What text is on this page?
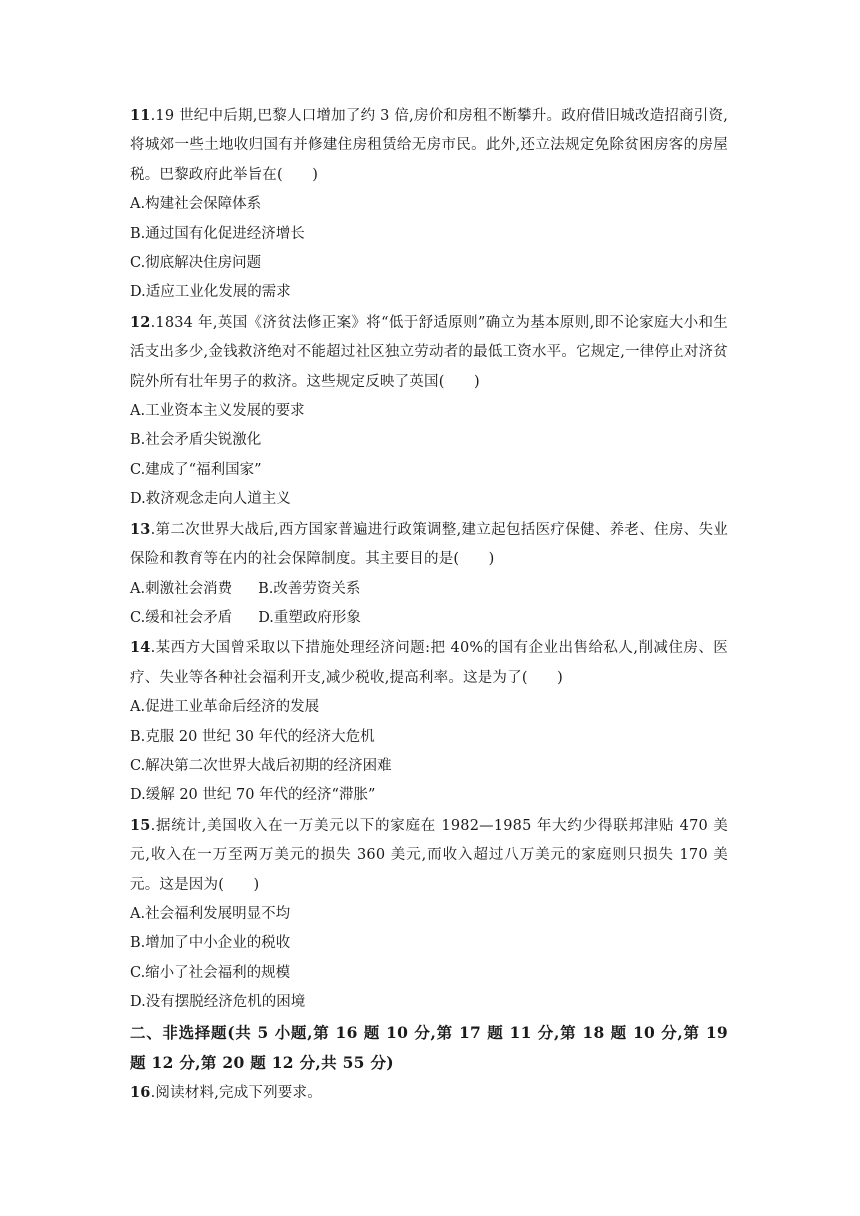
11.19 世纪中后期,巴黎人口增加了约 3 倍,房价和房租不断攀升。政府借旧城改造招商引资,将城郊一些土地收归国有并修建住房租赁给无房市民。此外,还立法规定免除贫困房客的房屋税。巴黎政府此举旨在(　　)

A.构建社会保障体系

B.通过国有化促进经济增长

C.彻底解决住房问题

D.适应工业化发展的需求

12.1834 年,英国《济贫法修正案》将“低于舒适原则”确立为基本原则,即不论家庭大小和生活支出多少,金钱救济绝对不能超过社区独立劳动者的最低工资水平。它规定,一律停止对济贫院外所有壮年男子的救济。这些规定反映了英国(　　)

A.工业资本主义发展的要求

B.社会矛盾尖锐激化

C.建成了“福利国家”

D.救济观念走向人道主义

13.第二次世界大战后,西方国家普遍进行政策调整,建立起包括医疗保健、养老、住房、失业保险和教育等在内的社会保障制度。其主要目的是(　　)

A.刺激社会消费 B.改善劳资关系

C.缓和社会矛盾 D.重塑政府形象

14.某西方大国曾采取以下措施处理经济问题:把 40%的国有企业出售给私人,削减住房、医疗、失业等各种社会福利开支,减少税收,提高利率。这是为了(　　)

A.促进工业革命后经济的发展

B.克服 20 世纪 30 年代的经济大危机

C.解决第二次世界大战后初期的经济困难

D.缓解 20 世纪 70 年代的经济“滞胀”

15.据统计,美国收入在一万美元以下的家庭在 1982—1985 年大约少得联邦津贴 470 美元,收入在一万至两万美元的损失 360 美元,而收入超过八万美元的家庭则只损失 170 美元。这是因为(　　)

A.社会福利发展明显不均

B.增加了中小企业的税收

C.缩小了社会福利的规模

D.没有摆脱经济危机的困境

二、非选择题(共 5 小题,第 16 题 10 分,第 17 题 11 分,第 18 题 10 分,第 19 题 12 分,第 20 题 12 分,共 55 分)

16.阅读材料,完成下列要求。
